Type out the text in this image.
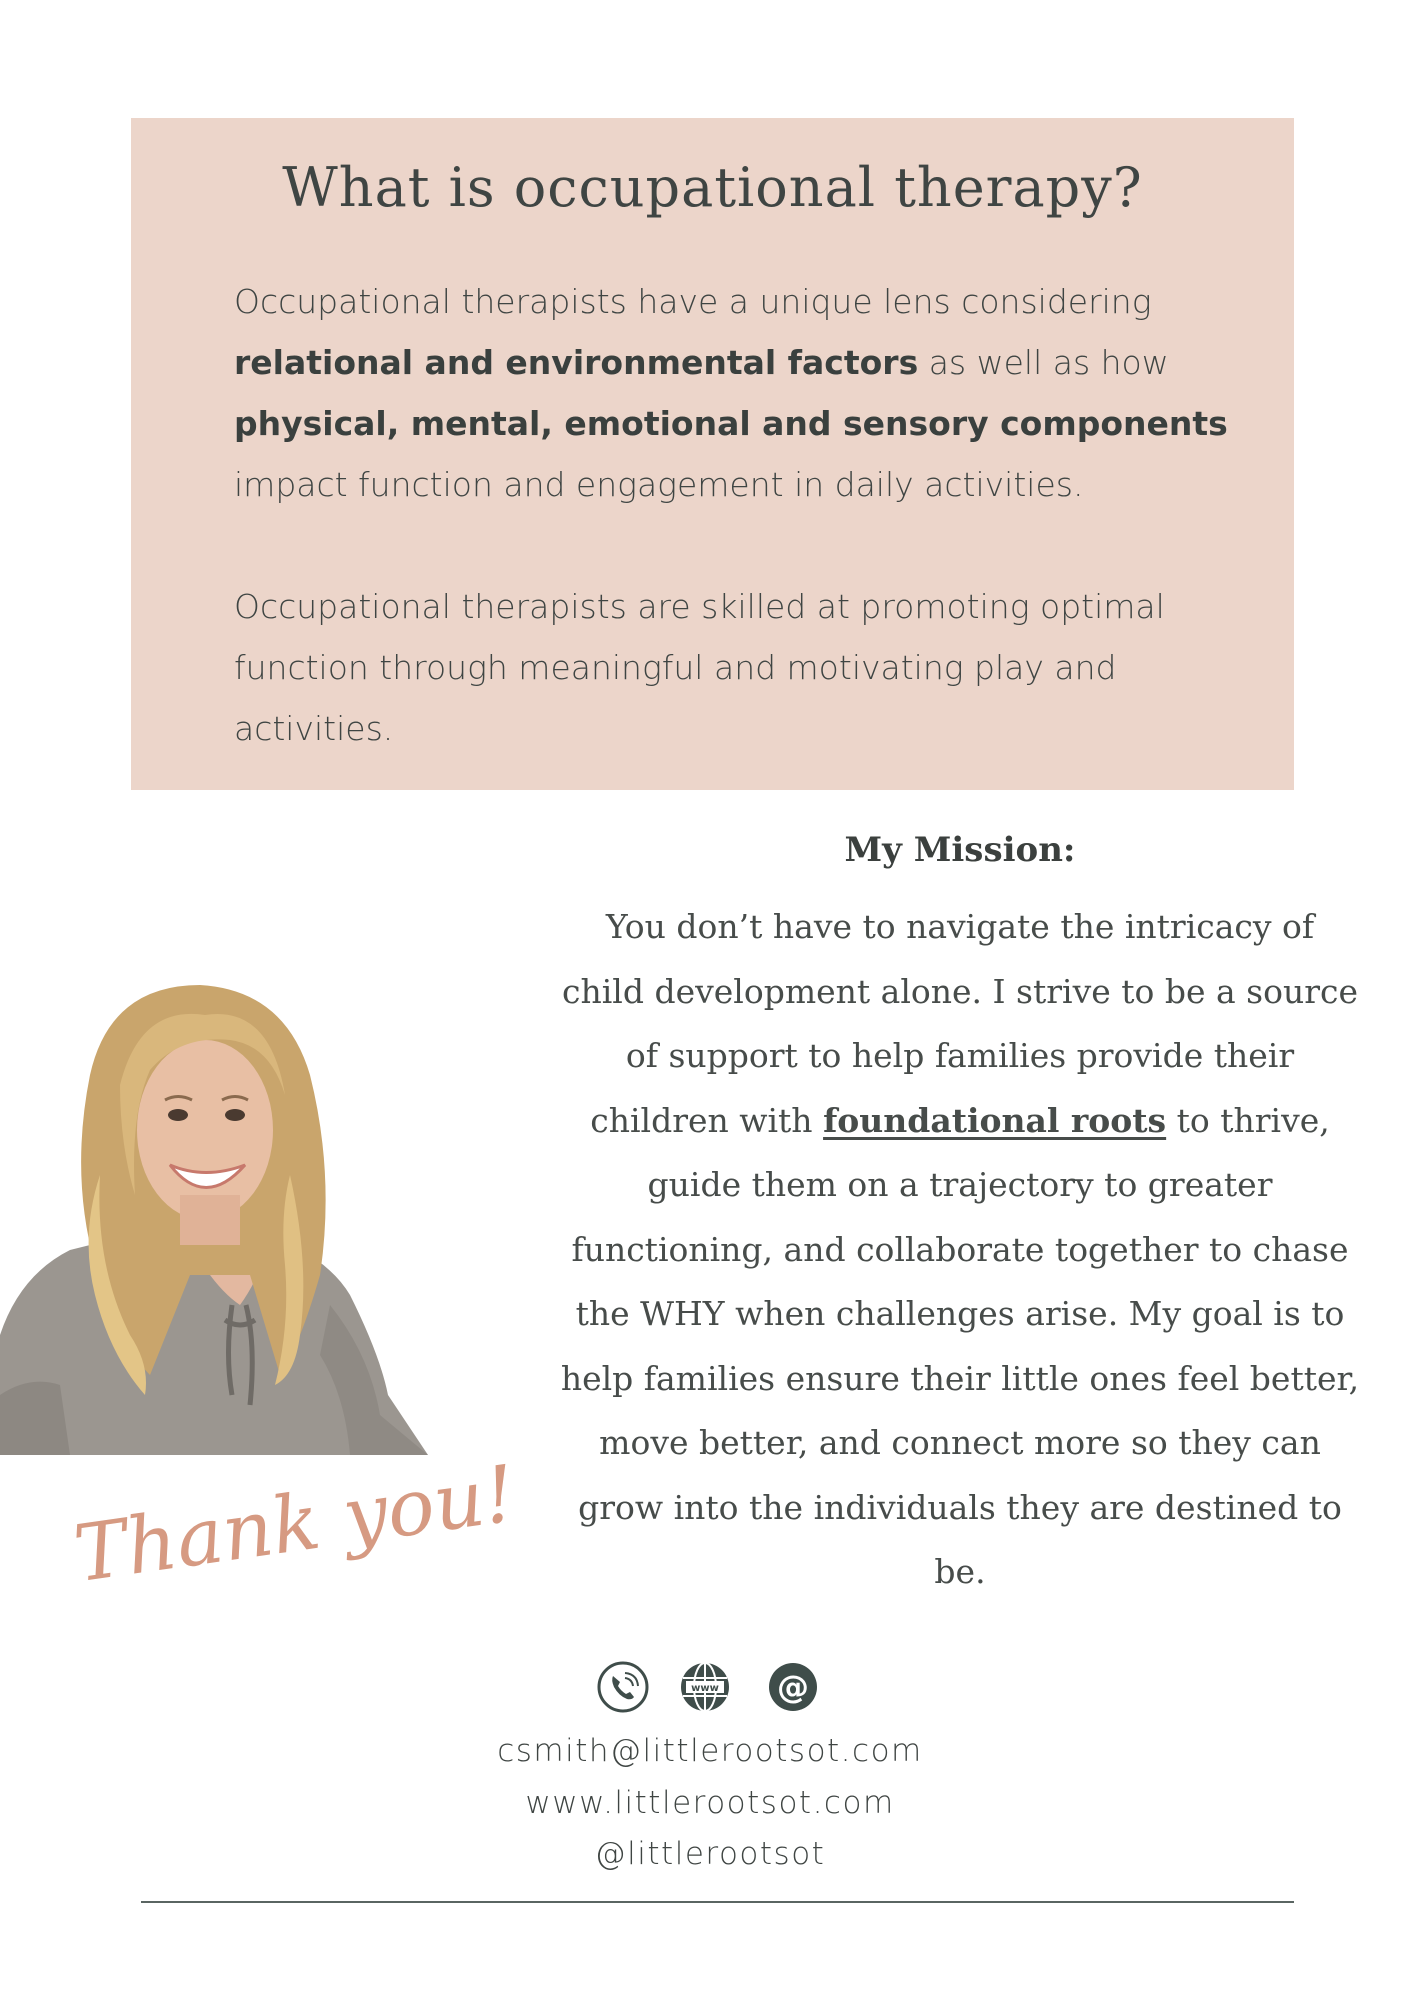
What is occupational therapy?

Occupational therapists have a unique lens considering relational and environmental factors as well as how physical, mental, emotional and sensory components impact function and engagement in daily activities.

Occupational therapists are skilled at promoting optimal function through meaningful and motivating play and activities.

My Mission:

You don’t have to navigate the intricacy of child development alone. I strive to be a source of support to help families provide their children with foundational roots to thrive, guide them on a trajectory to greater functioning, and collaborate together to chase the WHY when challenges arise. My goal is to help families ensure their little ones feel better, move better, and connect more so they can grow into the individuals they are destined to be.

Thank you!
www @

csmith@littlerootsot.com

www.littlerootsot.com

@littlerootsot
